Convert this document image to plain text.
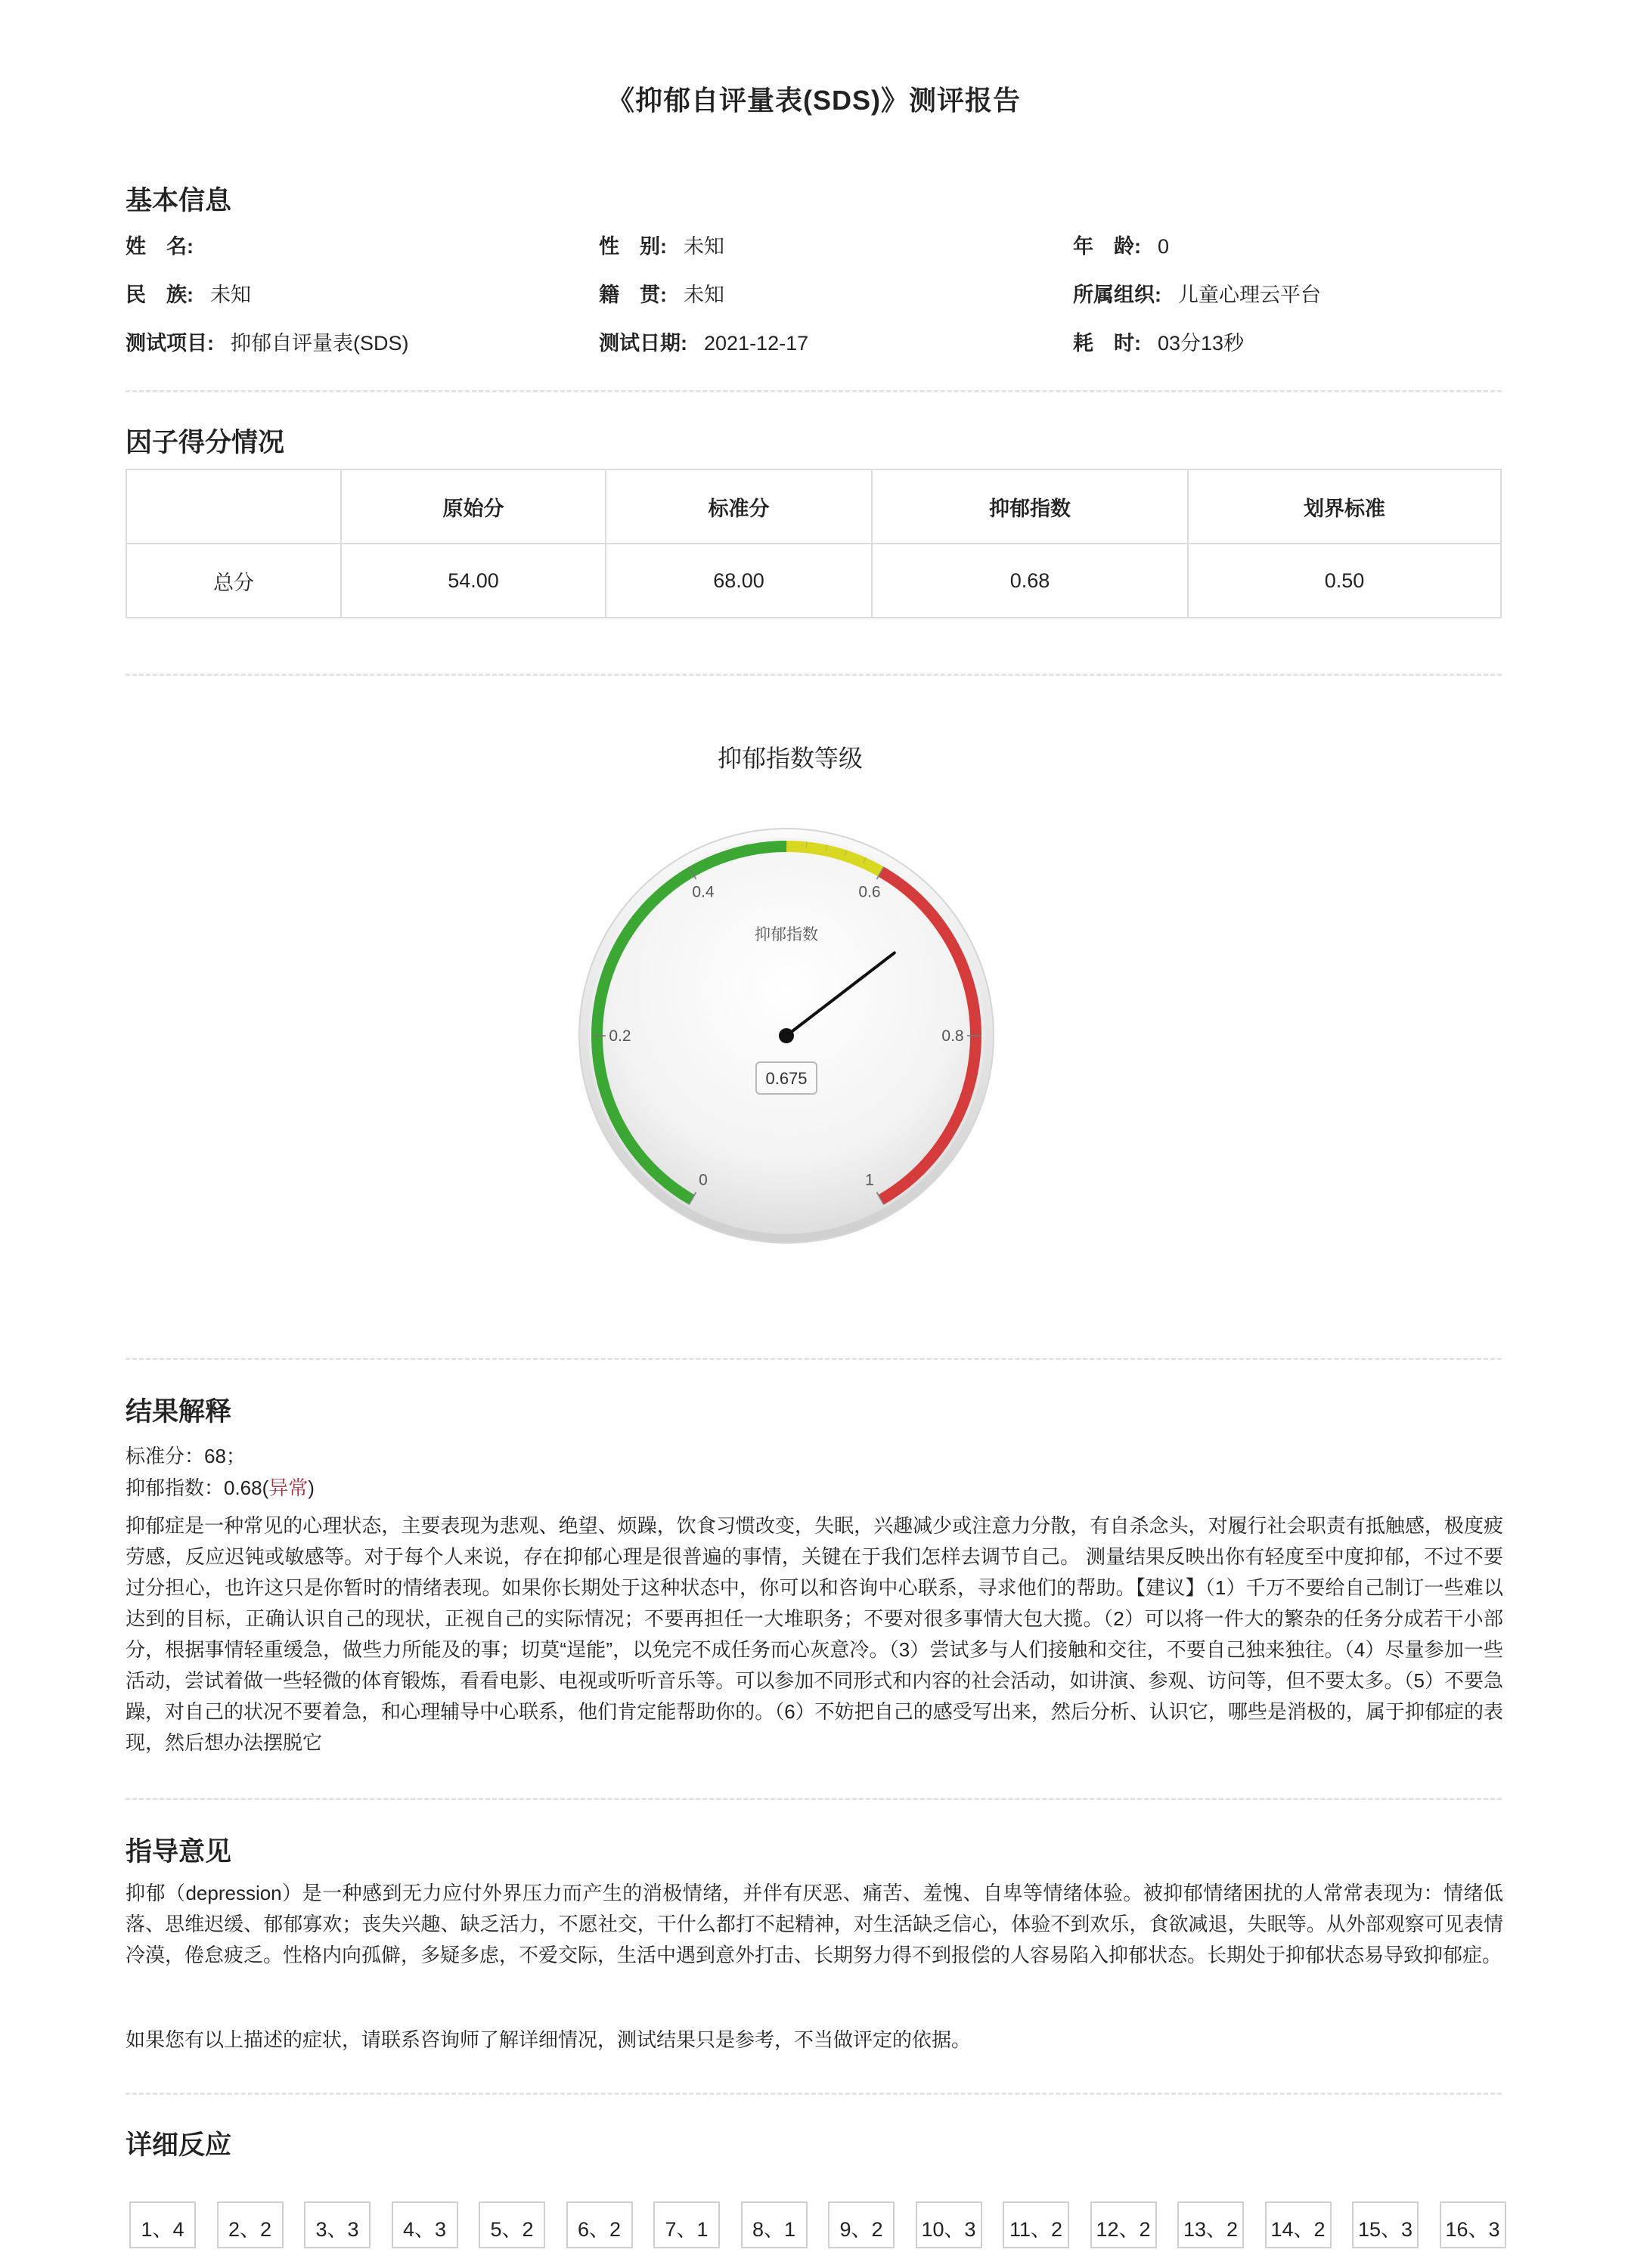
《抑郁自评量表(SDS)》测评报告
基本信息
姓　名:	性　别: 未知	年　龄: 0
民　族: 未知	籍　贯: 未知	所属组织: 儿童心理云平台
测试项目: 抑郁自评量表(SDS)	测试日期: 2021-12-17	耗　时: 03分13秒
因子得分情况
	原始分	标准分	抑郁指数	划界标准
总分	54.00	68.00	0.68	0.50
抑郁指数等级
0
0.2
0.4	0.6
0.8
1
抑郁指数
0.675
结果解释
标准分：68；
抑郁指数：0.68(异常)

抑郁症是一种常见的心理状态，主要表现为悲观、绝望、烦躁，饮食习惯改变，失眠，兴趣减少或注意力分散，有自杀念头，对履行社会职责有抵触感，极度疲劳感，反应迟钝或敏感等。对于每个人来说，存在抑郁心理是很普遍的事情，关键在于我们怎样去调节自己。 测量结果反映出你有轻度至中度抑郁，不过不要过分担心，也许这只是你暂时的情绪表现。如果你长期处于这种状态中，你可以和咨询中心联系，寻求他们的帮助。【建议】（1）千万不要给自己制订一些难以达到的目标，正确认识自己的现状，正视自己的实际情况；不要再担任一大堆职务；不要对很多事情大包大揽。（2）可以将一件大的繁杂的任务分成若干小部分，根据事情轻重缓急，做些力所能及的事；切莫“逞能”，以免完不成任务而心灰意冷。（3）尝试多与人们接触和交往，不要自己独来独往。（4）尽量参加一些活动，尝试着做一些轻微的体育锻炼，看看电影、电视或听听音乐等。可以参加不同形式和内容的社会活动，如讲演、参观、访问等，但不要太多。（5）不要急躁，对自己的状况不要着急，和心理辅导中心联系，他们肯定能帮助你的。（6）不妨把自己的感受写出来，然后分析、认识它，哪些是消极的，属于抑郁症的表现，然后想办法摆脱它

指导意见

抑郁（depression）是一种感到无力应付外界压力而产生的消极情绪，并伴有厌恶、痛苦、羞愧、自卑等情绪体验。被抑郁情绪困扰的人常常表现为：情绪低落、思维迟缓、郁郁寡欢；丧失兴趣、缺乏活力，不愿社交，干什么都打不起精神，对生活缺乏信心，体验不到欢乐，食欲减退，失眠等。从外部观察可见表情冷漠，倦怠疲乏。性格内向孤僻，多疑多虑，不爱交际，生活中遇到意外打击、长期努力得不到报偿的人容易陷入抑郁状态。长期处于抑郁状态易导致抑郁症。

如果您有以上描述的症状，请联系咨询师了解详细情况，测试结果只是参考，不当做评定的依据。

详细反应
1、4	2、2	3、3	4、3	5、2	6、2	7、1	8、1	9、2	10、3	11、2	12、2 13、2 14、2 15、3 16、3
